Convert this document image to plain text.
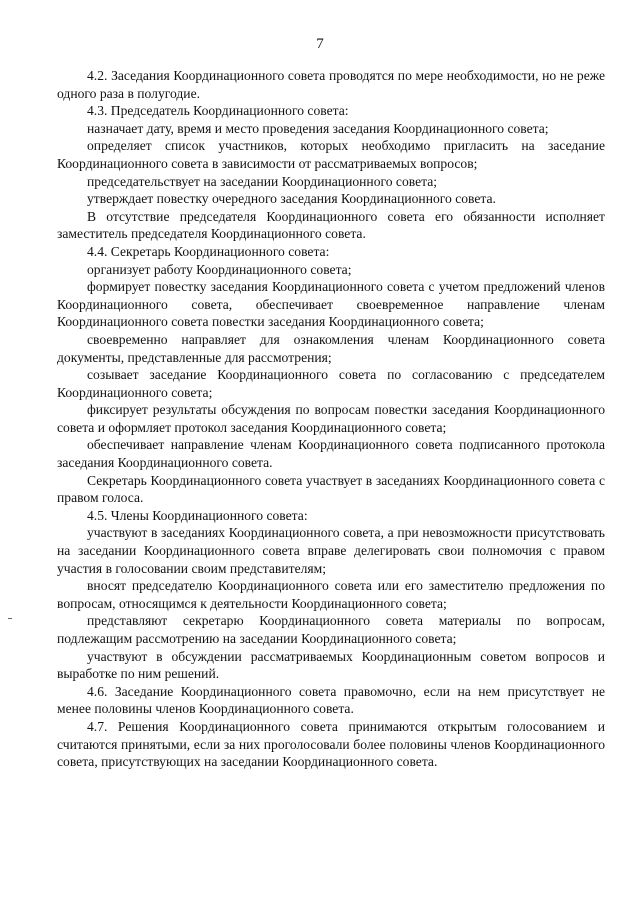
7

4.2. Заседания Координационного совета проводятся по мере необходимости, но не реже одного раза в полугодие.

4.3. Председатель Координационного совета:

назначает дату, время и место проведения заседания Координационного совета;

определяет список участников, которых необходимо пригласить на заседание Координационного совета в зависимости от рассматриваемых вопросов;

председательствует на заседании Координационного совета;

утверждает повестку очередного заседания Координационного совета.

В отсутствие председателя Координационного совета его обязанности исполняет заместитель председателя Координационного совета.

4.4. Секретарь Координационного совета:

организует работу Координационного совета;

формирует повестку заседания Координационного совета с учетом предложений членов Координационного совета, обеспечивает своевременное направление членам Координационного совета повестки заседания Координационного совета;

своевременно направляет для ознакомления членам Координационного совета документы, представленные для рассмотрения;

созывает заседание Координационного совета по согласованию с председателем Координационного совета;

фиксирует результаты обсуждения по вопросам повестки заседания Координационного совета и оформляет протокол заседания Координационного совета;

обеспечивает направление членам Координационного совета подписанного протокола заседания Координационного совета.

Секретарь Координационного совета участвует в заседаниях Координационного совета с правом голоса.

4.5. Члены Координационного совета:

участвуют в заседаниях Координационного совета, а при невозможности присутствовать на заседании Координационного совета вправе делегировать свои полномочия с правом участия в голосовании своим представителям;

вносят председателю Координационного совета или его заместителю предложения по вопросам, относящимся к деятельности Координационного совета;

представляют секретарю Координационного совета материалы по вопросам, подлежащим рассмотрению на заседании Координационного совета;

участвуют в обсуждении рассматриваемых Координационным советом вопросов и выработке по ним решений.

4.6. Заседание Координационного совета правомочно, если на нем присутствует не менее половины членов Координационного совета.

4.7. Решения Координационного совета принимаются открытым голосованием и считаются принятыми, если за них проголосовали более половины членов Координационного совета, присутствующих на заседании Координационного совета.
